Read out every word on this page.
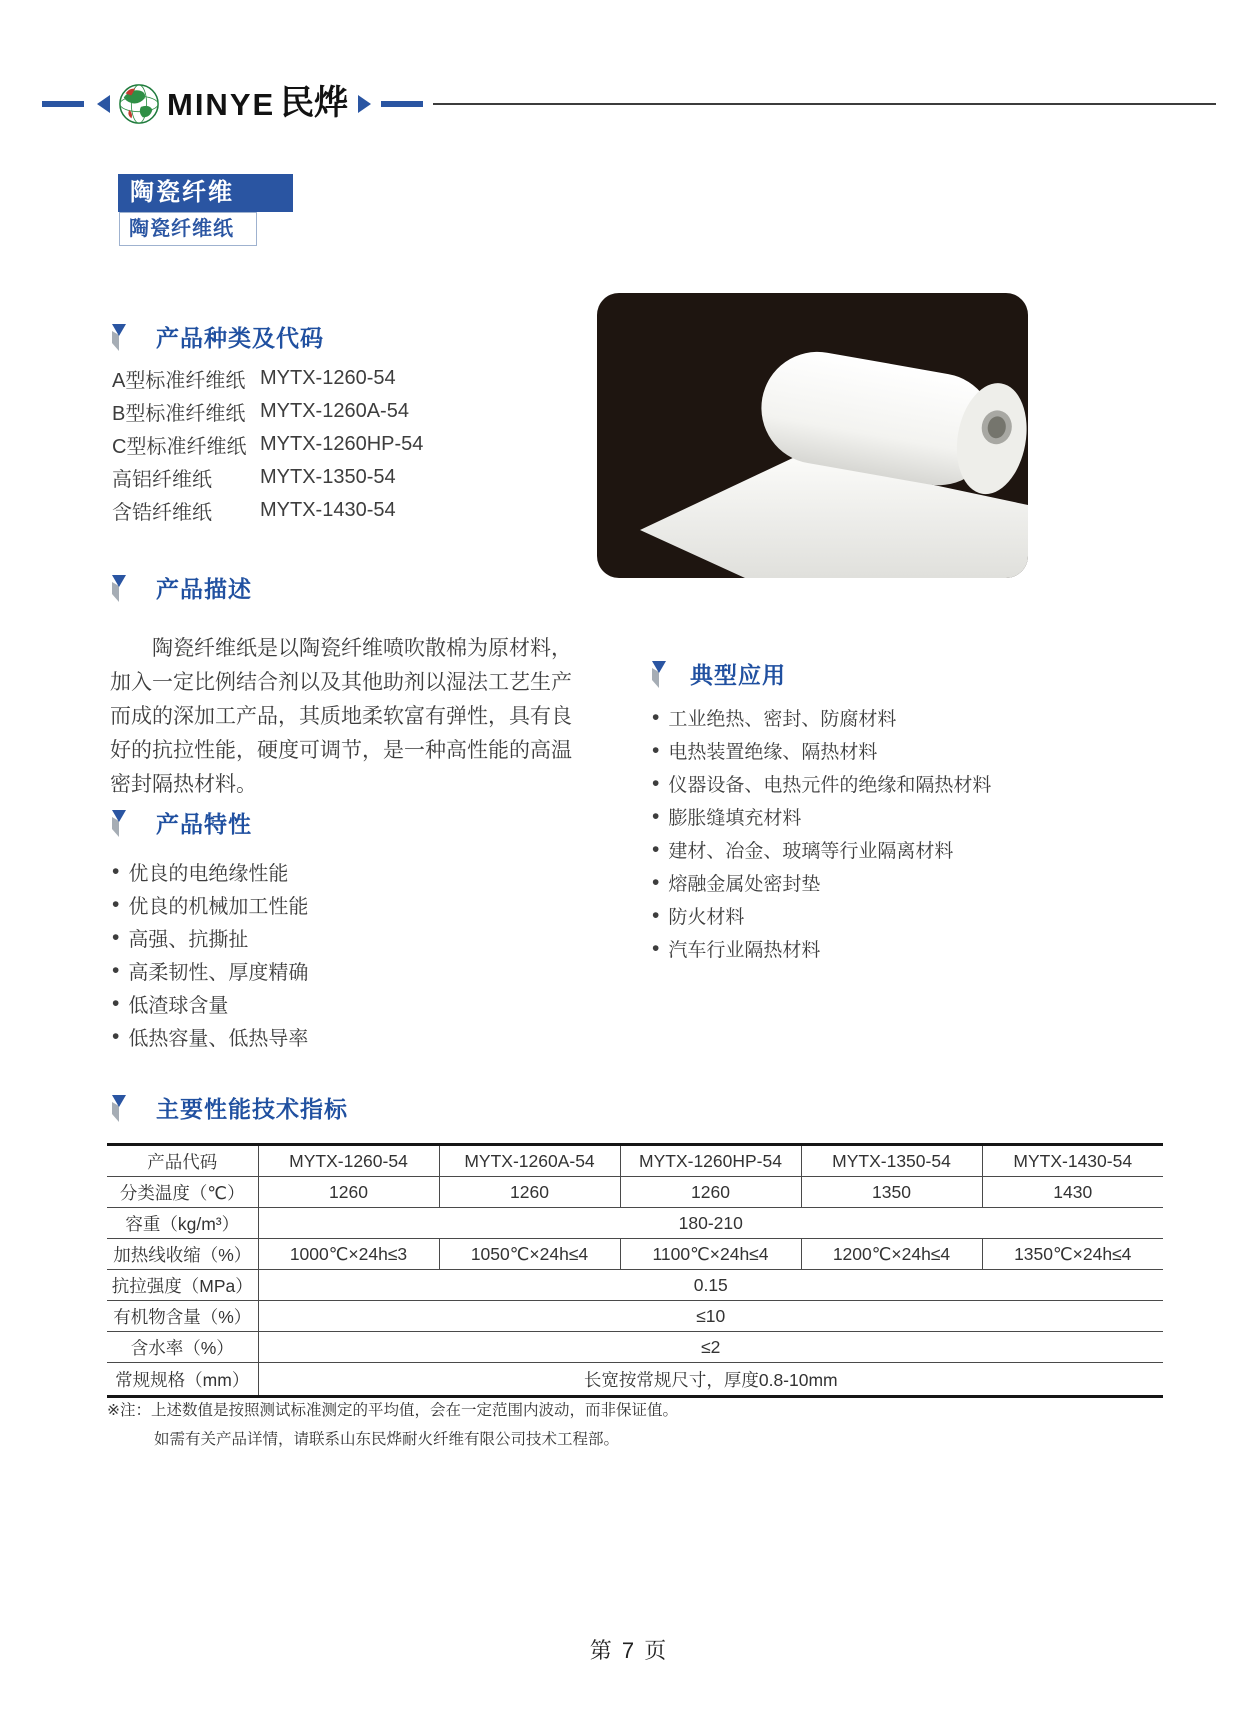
MINYE 民烨
陶瓷纤维
陶瓷纤维纸
产品种类及代码
A型标准纤维纸 MYTX-1260-54
B型标准纤维纸 MYTX-1260A-54
C型标准纤维纸 MYTX-1260HP-54
高铝纤维纸	MYTX-1350-54
含锆纤维纸	MYTX-1430-54
产品描述

陶瓷纤维纸是以陶瓷纤维喷吹散棉为原材料，加入一定比例结合剂以及其他助剂以湿法工艺生产而成的深加工产品，其质地柔软富有弹性，具有良好的抗拉性能，硬度可调节，是一种高性能的高温密封隔热材料。

产品特性
• 优良的电绝缘性能
• 优良的机械加工性能
• 高强、抗撕扯
• 高柔韧性、厚度精确
• 低渣球含量
• 低热容量、低热导率
典型应用
• 工业绝热、密封、防腐材料
• 电热装置绝缘、隔热材料
• 仪器设备、电热元件的绝缘和隔热材料
• 膨胀缝填充材料
• 建材、冶金、玻璃等行业隔离材料
• 熔融金属处密封垫
• 防火材料
• 汽车行业隔热材料
主要性能技术指标
产品代码	MYTX-1260-54	MYTX-1260A-54	MYTX-1260HP-54	MYTX-1350-54	MYTX-1430-54
分类温度（℃）	1260	1260	1260	1350	1430
容重（kg/m³）	180-210				
加热线收缩（%）	1000℃×24h≤3	1050℃×24h≤4	1100℃×24h≤4	1200℃×24h≤4	1350℃×24h≤4
抗拉强度（MPa）	0.15				
有机物含量（%）	≤10				
含水率（%）	≤2				
常规规格（mm）	长宽按常规尺寸，厚度0.8-10mm				
※注：上述数值是按照测试标准测定的平均值，会在一定范围内波动，而非保证值。
如需有关产品详情，请联系山东民烨耐火纤维有限公司技术工程部。
第 7 页
